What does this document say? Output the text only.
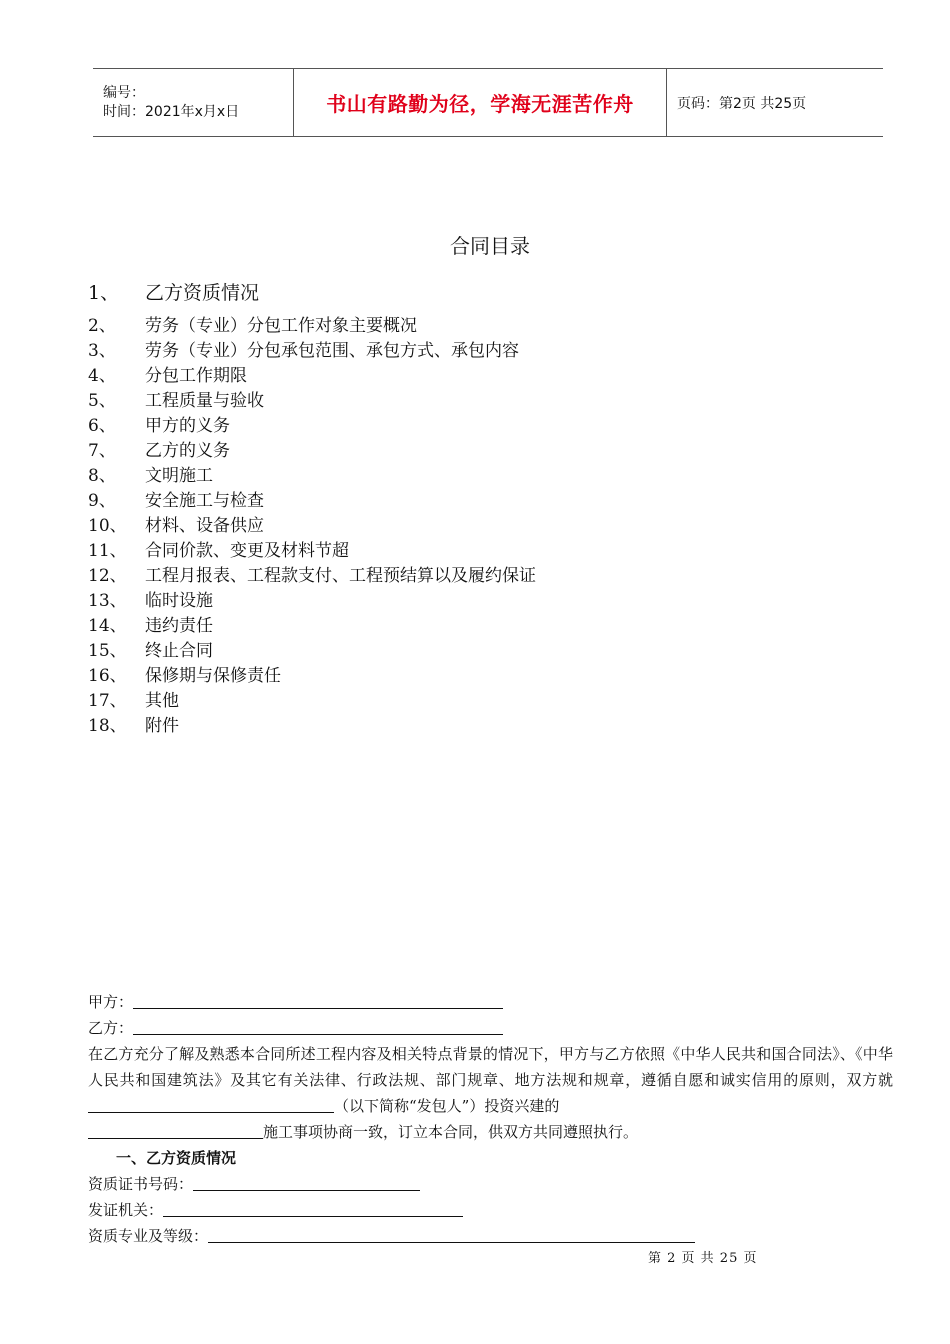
编号：
时间：2021年x月x日	书山有路勤为径，学海无涯苦作舟	页码：第2页 共25页
合同目录
1、	乙方资质情况
2、	劳务（专业）分包工作对象主要概况
3、	劳务（专业）分包承包范围、承包方式、承包内容
4、	分包工作期限
5、	工程质量与验收
6、	甲方的义务
7、	乙方的义务
8、	文明施工
9、	安全施工与检查
10、	材料、设备供应
11、	合同价款、变更及材料节超
12、	工程月报表、工程款支付、工程预结算以及履约保证
13、	临时设施
14、	违约责任
15、	终止合同
16、	保修期与保修责任
17、	其他
18、	附件
甲方：
乙方：
在乙方充分了解及熟悉本合同所述工程内容及相关特点背景的情况下，甲方与乙方依照《中华人民共和国合同法》、《中华人民共和国建筑法》及其它有关法律、行政法规、部门规章、地方法规和规章，遵循自愿和诚实信用的原则，双方就（以下简称“发包人”）投资兴建的
施工事项协商一致，订立本合同，供双方共同遵照执行。
一、乙方资质情况
资质证书号码：
发证机关：
资质专业及等级：
第 2 页 共 25 页
